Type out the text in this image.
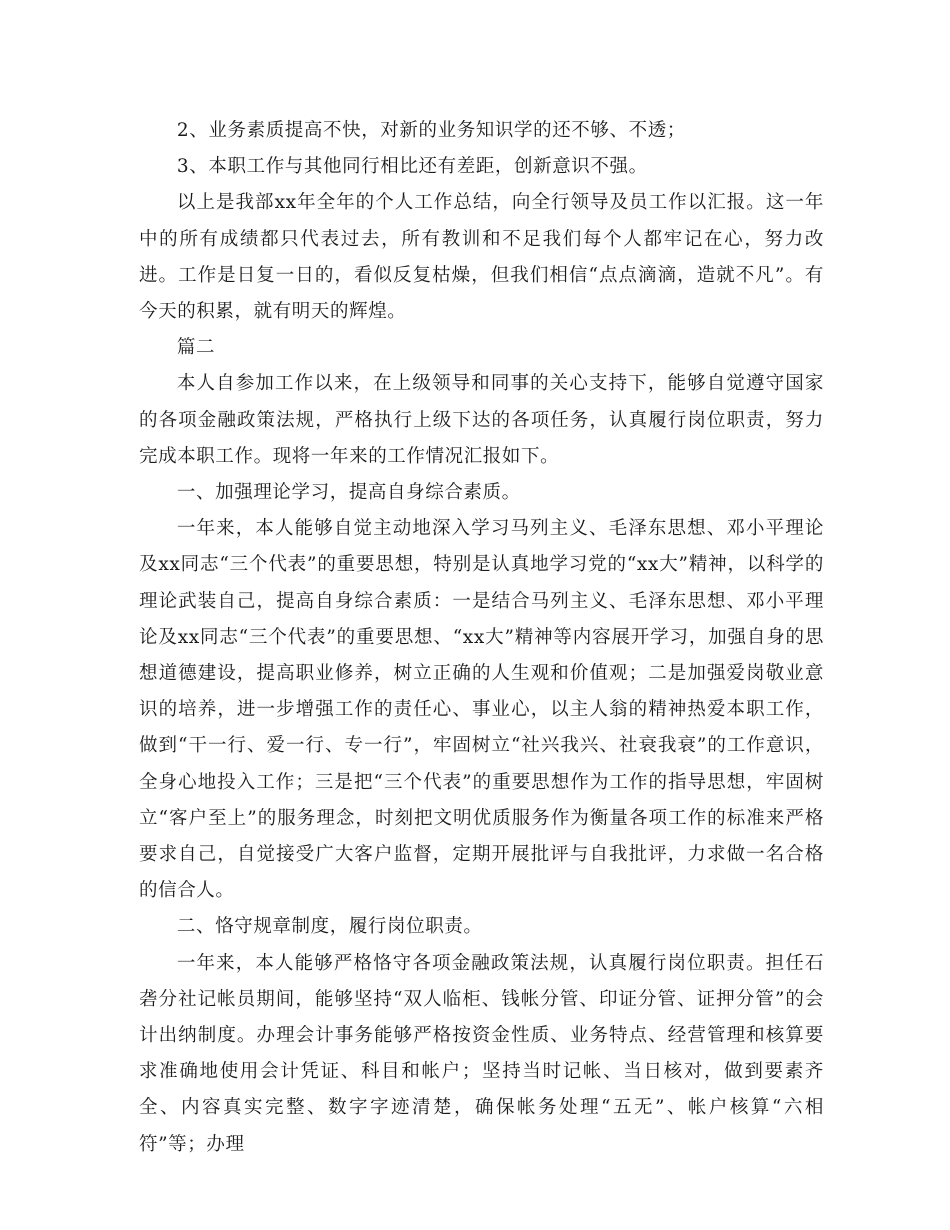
2、业务素质提高不快，对新的业务知识学的还不够、不透；

3、本职工作与其他同行相比还有差距，创新意识不强。

以上是我部xx年全年的个人工作总结，向全行领导及员工作以汇报。这一年中的所有成绩都只代表过去，所有教训和不足我们每个人都牢记在心，努力改进。工作是日复一日的，看似反复枯燥，但我们相信“点点滴滴，造就不凡”。有今天的积累，就有明天的辉煌。

篇二

本人自参加工作以来，在上级领导和同事的关心支持下，能够自觉遵守国家的各项金融政策法规，严格执行上级下达的各项任务，认真履行岗位职责，努力完成本职工作。现将一年来的工作情况汇报如下。

一、加强理论学习，提高自身综合素质。

一年来，本人能够自觉主动地深入学习马列主义、毛泽东思想、邓小平理论及xx同志“三个代表”的重要思想，特别是认真地学习党的“xx大”精神，以科学的理论武装自己，提高自身综合素质：一是结合马列主义、毛泽东思想、邓小平理论及xx同志“三个代表”的重要思想、“xx大”精神等内容展开学习，加强自身的思想道德建设，提高职业修养，树立正确的人生观和价值观；二是加强爱岗敬业意识的培养，进一步增强工作的责任心、事业心，以主人翁的精神热爱本职工作，做到“干一行、爱一行、专一行”，牢固树立“社兴我兴、社衰我衰”的工作意识，全身心地投入工作；三是把“三个代表”的重要思想作为工作的指导思想，牢固树立“客户至上”的服务理念，时刻把文明优质服务作为衡量各项工作的标准来严格要求自己，自觉接受广大客户监督，定期开展批评与自我批评，力求做一名合格的信合人。

二、恪守规章制度，履行岗位职责。

一年来，本人能够严格恪守各项金融政策法规，认真履行岗位职责。担任石砻分社记帐员期间，能够坚持“双人临柜、钱帐分管、印证分管、证押分管”的会计出纳制度。办理会计事务能够严格按资金性质、业务特点、经营管理和核算要求准确地使用会计凭证、科目和帐户；坚持当时记帐、当日核对，做到要素齐全、内容真实完整、数字字迹清楚，确保帐务处理“五无”、帐户核算“六相符”等；办理
